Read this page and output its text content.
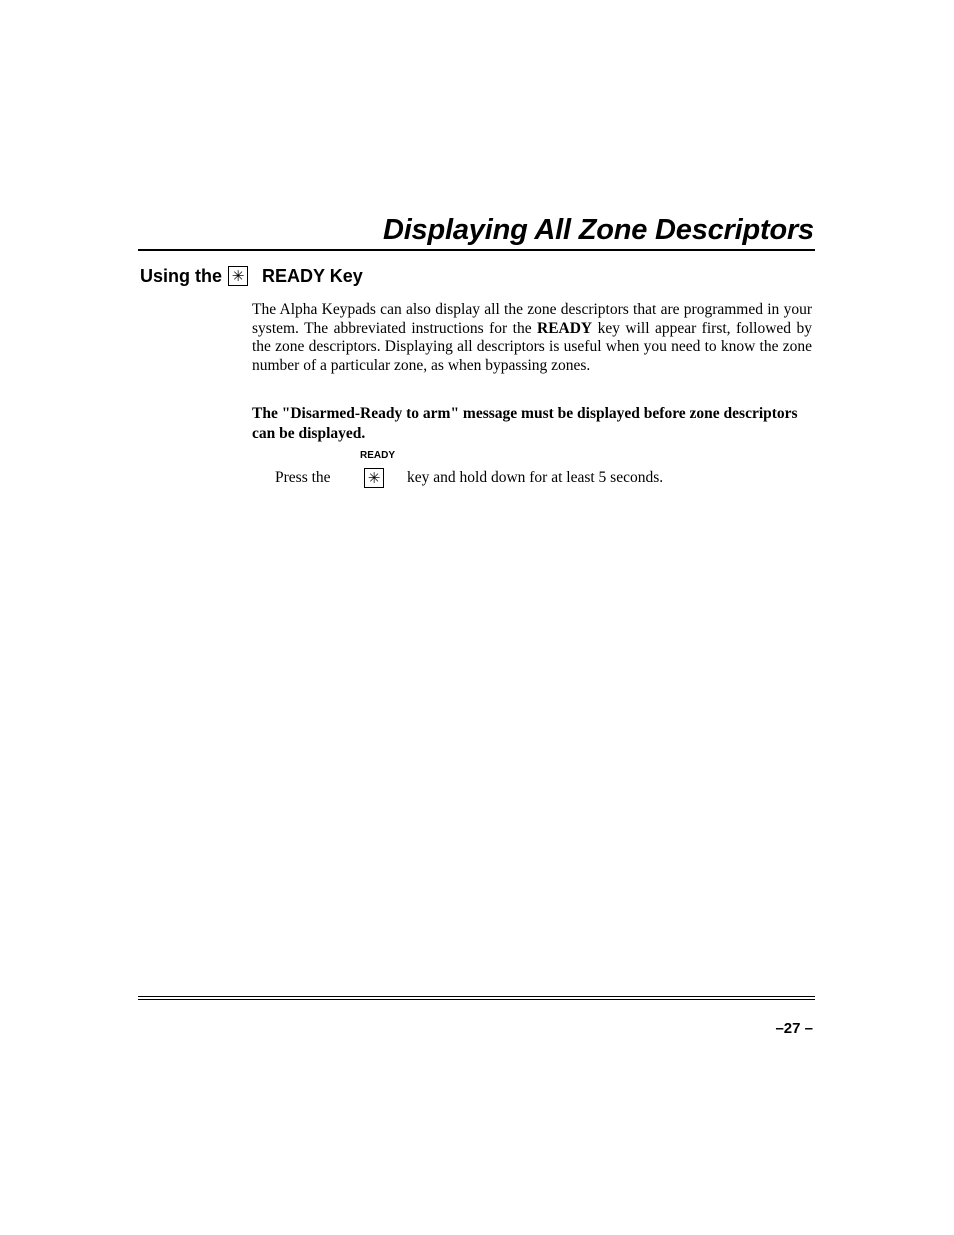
Displaying All Zone Descriptors
Using the ✳ READY Key

The Alpha Keypads can also display all the zone descriptors that are programmed in your system. The abbreviated instructions for the READY key will appear first, followed by the zone descriptors. Displaying all descriptors is useful when you need to know the zone number of a particular zone, as when bypassing zones.

The "Disarmed-Ready to arm" message must be displayed before zone descriptors can be displayed.

READY
Press the ✳ key and hold down for at least 5 seconds.
–27 –
